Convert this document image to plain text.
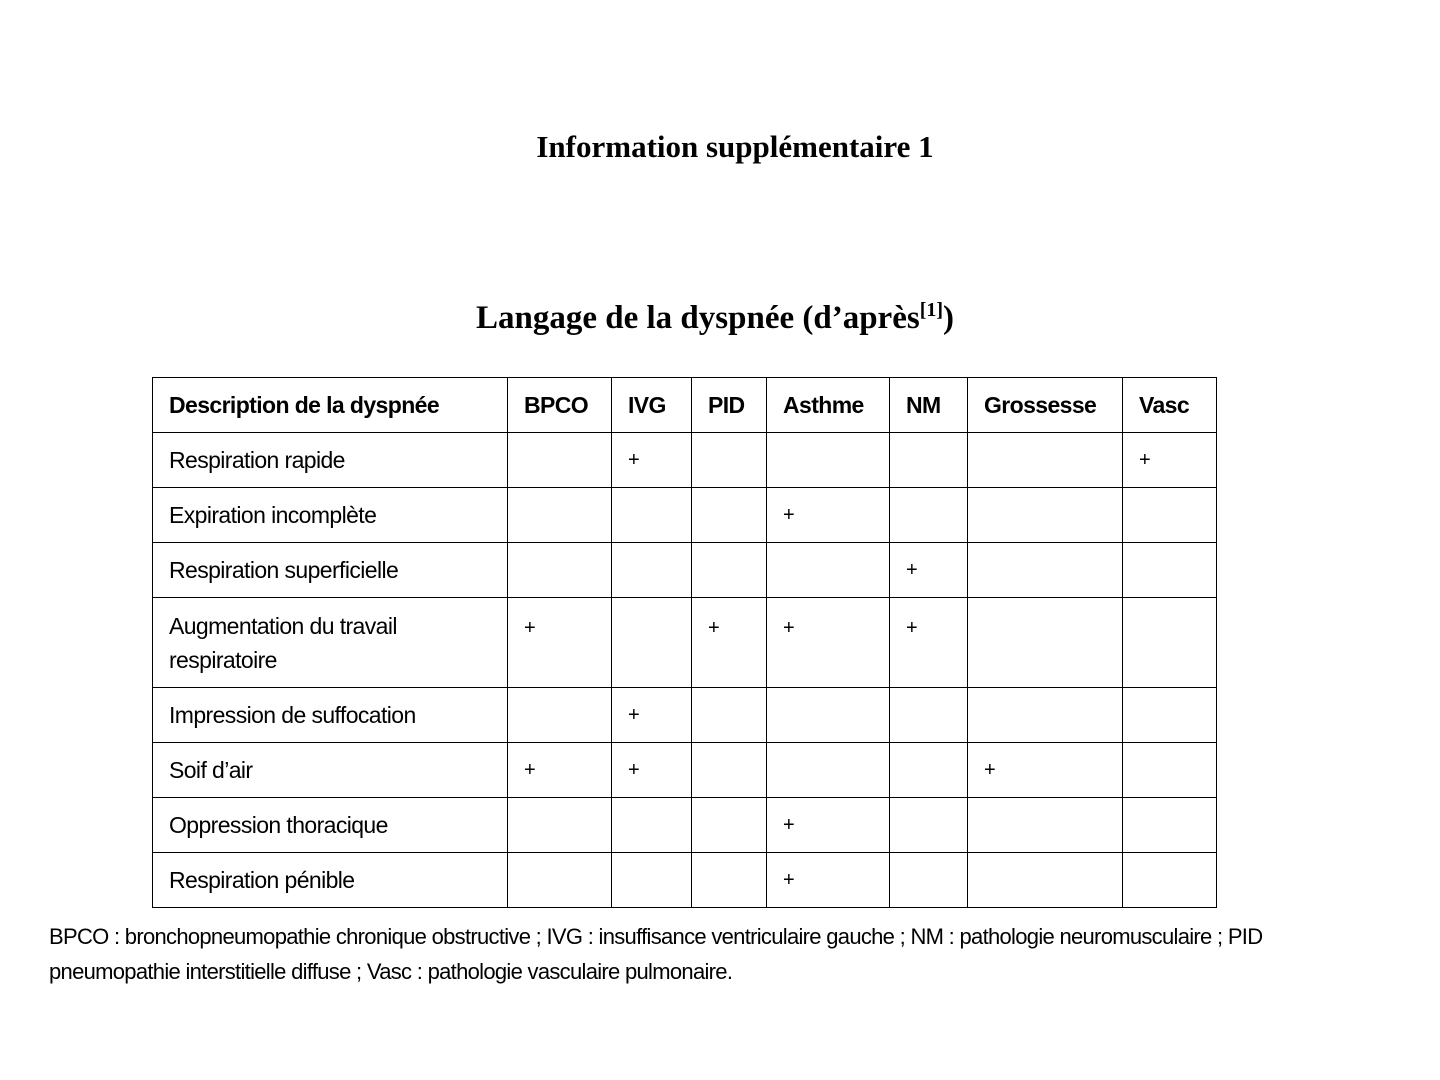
Information supplémentaire 1
Langage de la dyspnée (d’après[1])
Description de la dyspnée	BPCO	IVG	PID	Asthme	NM	Grossesse	Vasc
Respiration rapide		+					+
Expiration incomplète				+			
Respiration superficielle					+		
Augmentation du travail
respiratoire	+		+	+	+		
Impression de suffocation		+					
Soif d’air	+	+				+	
Oppression thoracique				+			
Respiration pénible				+			
BPCO : bronchopneumopathie chronique obstructive ; IVG : insuffisance ventriculaire gauche ; NM : pathologie neuromusculaire ; PID
pneumopathie interstitielle diffuse ; Vasc : pathologie vasculaire pulmonaire.
